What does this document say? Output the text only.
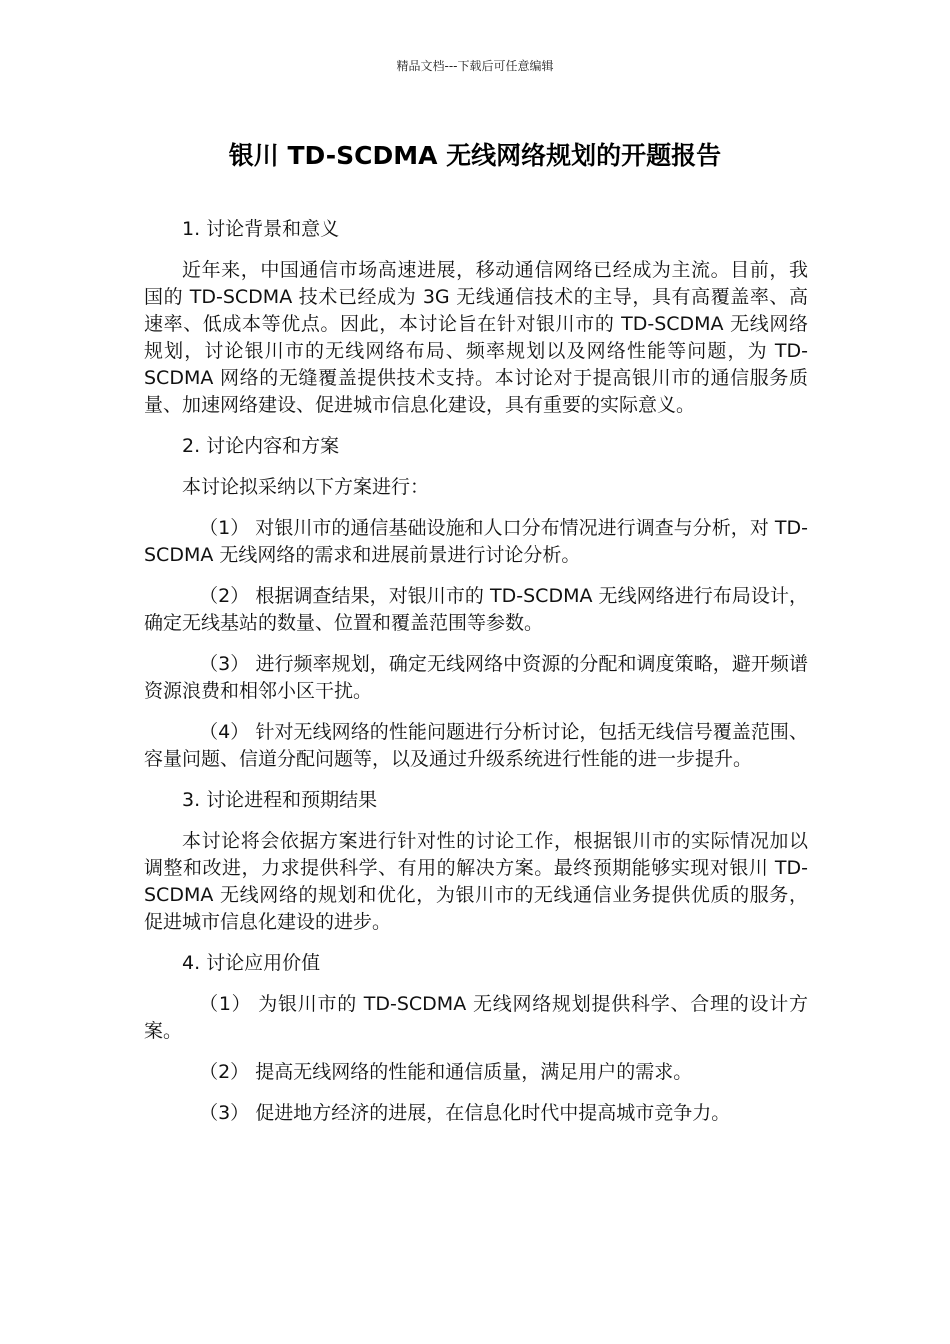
精品文档---下载后可任意编辑
银川 TD-SCDMA 无线网络规划的开题报告

1. 讨论背景和意义

近年来，中国通信市场高速进展，移动通信网络已经成为主流。目前，我国的 TD-SCDMA 技术已经成为 3G 无线通信技术的主导，具有高覆盖率、高速率、低成本等优点。因此，本讨论旨在针对银川市的 TD-SCDMA 无线网络规划，讨论银川市的无线网络布局、频率规划以及网络性能等问题，为 TD-SCDMA 网络的无缝覆盖提供技术支持。本讨论对于提高银川市的通信服务质量、加速网络建设、促进城市信息化建设，具有重要的实际意义。

2. 讨论内容和方案

本讨论拟采纳以下方案进行：

（1） 对银川市的通信基础设施和人口分布情况进行调查与分析，对 TD-SCDMA 无线网络的需求和进展前景进行讨论分析。

（2） 根据调查结果，对银川市的 TD-SCDMA 无线网络进行布局设计，确定无线基站的数量、位置和覆盖范围等参数。

（3） 进行频率规划，确定无线网络中资源的分配和调度策略，避开频谱资源浪费和相邻小区干扰。

（4） 针对无线网络的性能问题进行分析讨论，包括无线信号覆盖范围、容量问题、信道分配问题等，以及通过升级系统进行性能的进一步提升。

3. 讨论进程和预期结果

本讨论将会依据方案进行针对性的讨论工作，根据银川市的实际情况加以调整和改进，力求提供科学、有用的解决方案。最终预期能够实现对银川 TD-SCDMA 无线网络的规划和优化，为银川市的无线通信业务提供优质的服务，促进城市信息化建设的进步。

4. 讨论应用价值

（1） 为银川市的 TD-SCDMA 无线网络规划提供科学、合理的设计方案。

（2） 提高无线网络的性能和通信质量，满足用户的需求。

（3） 促进地方经济的进展，在信息化时代中提高城市竞争力。
